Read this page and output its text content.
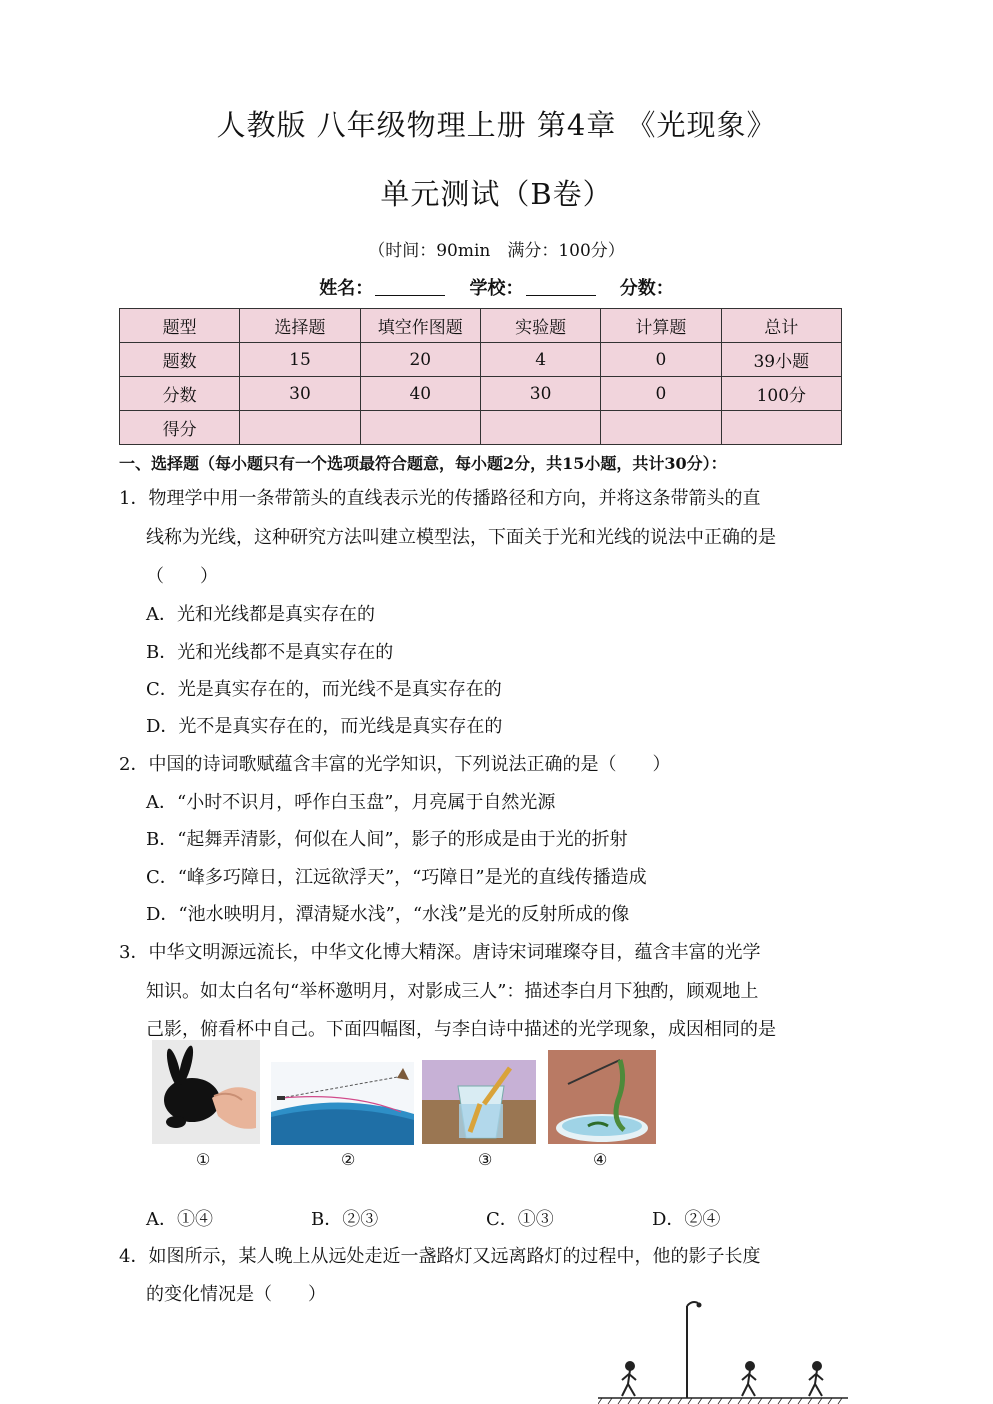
人教版 八年级物理上册 第4章 《光现象》
单元测试（B卷）
（时间：90min　满分：100分）
姓名：	学校：	分数：
题型	选择题	填空作图题	实验题	计算题	总计
题数	15	20	4	0	39小题
分数	30	40	30	0	100分
得分					
一、选择题（每小题只有一个选项最符合题意，每小题2分，共15小题，共计30分）：
1．物理学中用一条带箭头的直线表示光的传播路径和方向，并将这条带箭头的直
线称为光线，这种研究方法叫建立模型法，下面关于光和光线的说法中正确的是
（　　）
A．光和光线都是真实存在的
B．光和光线都不是真实存在的
C．光是真实存在的，而光线不是真实存在的
D．光不是真实存在的，而光线是真实存在的
2．中国的诗词歌赋蕴含丰富的光学知识，下列说法正确的是（　　）
A．“小时不识月，呼作白玉盘”，月亮属于自然光源
B．“起舞弄清影，何似在人间”，影子的形成是由于光的折射
C．“峰多巧障日，江远欲浮天”，“巧障日”是光的直线传播造成
D．“池水映明月，潭清疑水浅”，“水浅”是光的反射所成的像
3．中华文明源远流长，中华文化博大精深。唐诗宋词璀璨夺目，蕴含丰富的光学
知识。如太白名句“举杯邀明月，对影成三人”：描述李白月下独酌，顾观地上
己影，俯看杯中自己。下面四幅图，与李白诗中描述的光学现象，成因相同的是
①	②	③	④
A．①④	B．②③	C．①③	D．②④
4．如图所示，某人晚上从远处走近一盏路灯又远离路灯的过程中，他的影子长度
的变化情况是（　　）
